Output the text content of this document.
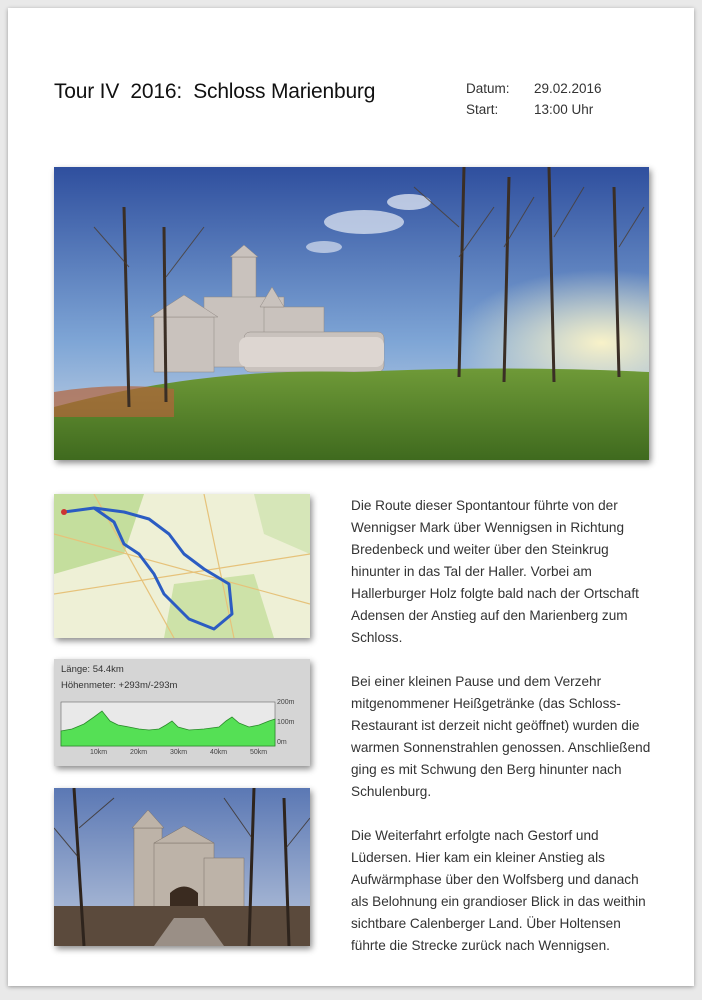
Tour IV  2016:  Schloss Marienburg	Datum:	29.02.2016
Start:	13:00 Uhr
Länge: 54.4km
Höhenmeter: +293m/-293m
200m
100m
0m
10km	20km	30km	40km	50km

Die Route dieser Spontantour führte von der Wennigser Mark über Wennigsen in Richtung Bredenbeck und weiter über den Steinkrug hinunter in das Tal der Haller. Vorbei am Hallerburger Holz folgte bald nach der Ortschaft Adensen der Anstieg auf den Marienberg zum Schloss.

Bei einer kleinen Pause und dem Verzehr mitgenommener Heißgetränke (das Schloss-Restaurant ist derzeit nicht geöffnet) wurden die warmen Sonnenstrahlen genossen. Anschließend ging es mit Schwung den Berg hinunter nach Schulenburg.

Die Weiterfahrt erfolgte nach Gestorf und Lüdersen. Hier kam ein kleiner Anstieg als Aufwärmphase über den Wolfsberg und danach als Belohnung ein grandioser Blick in das weithin sichtbare Calenberger Land. Über Holtensen führte die Strecke zurück nach Wennigsen.
